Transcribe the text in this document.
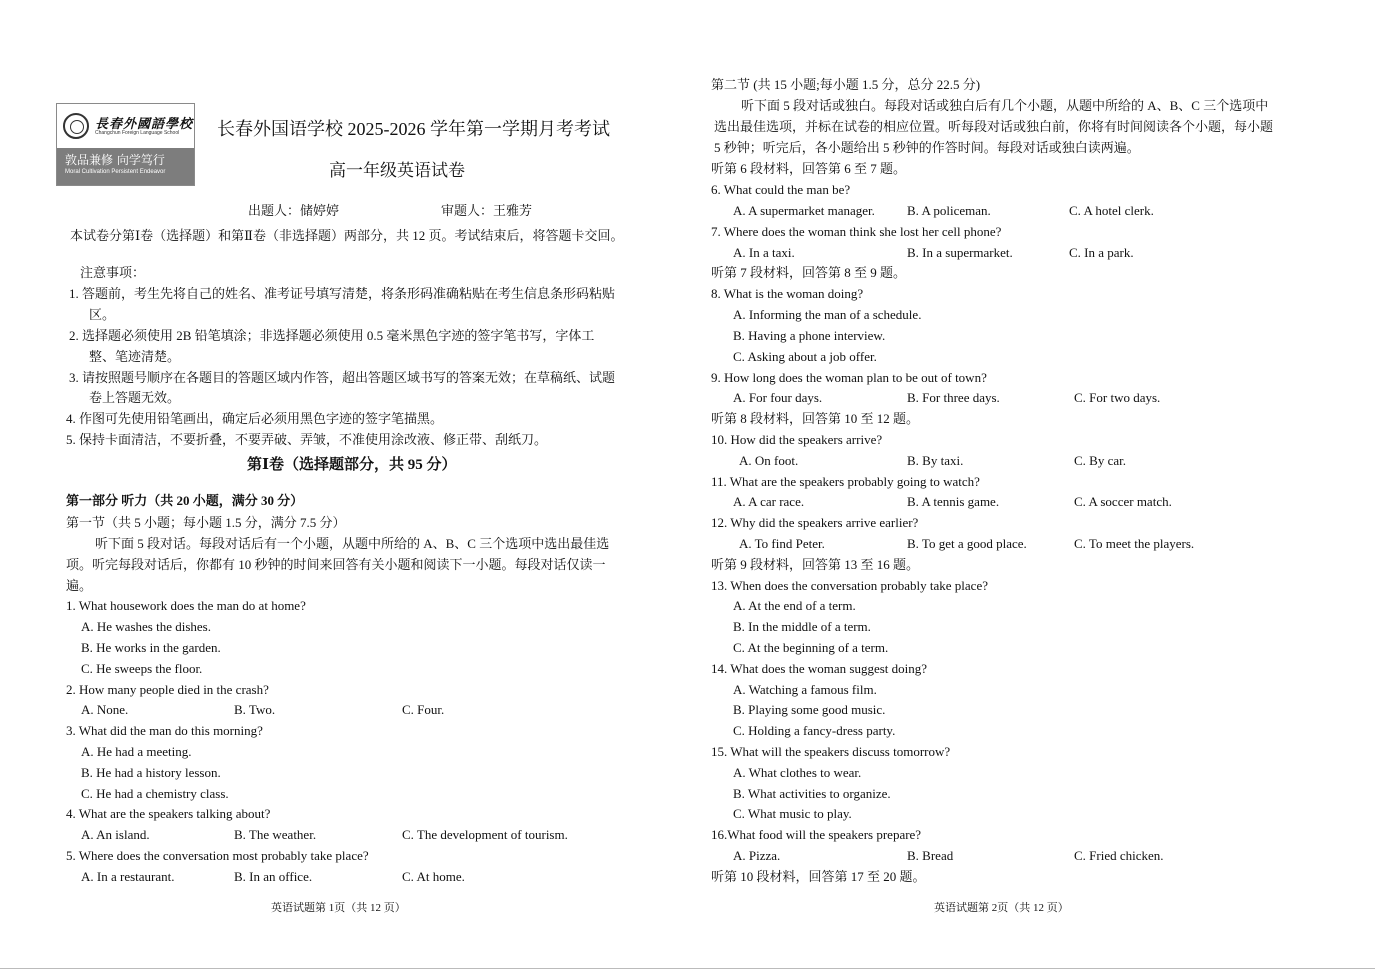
長春外國語學校
Changchun Foreign Language School
敦品兼修 向学笃行
Moral Cultivation Persistent Endeavor
长春外国语学校 2025-2026 学年第一学期月考考试
高一年级英语试卷
出题人：储婷婷	审题人：王雅芳
本试卷分第Ⅰ卷（选择题）和第Ⅱ卷（非选择题）两部分，共 12 页。考试结束后，将答题卡交回。
注意事项：
1. 答题前，考生先将自己的姓名、准考证号填写清楚，将条形码准确粘贴在考生信息条形码粘贴
区。
2. 选择题必须使用 2B 铅笔填涂；非选择题必须使用 0.5 毫米黑色字迹的签字笔书写，字体工
整、笔迹清楚。
3. 请按照题号顺序在各题目的答题区域内作答，超出答题区域书写的答案无效；在草稿纸、试题
卷上答题无效。
4. 作图可先使用铅笔画出，确定后必须用黑色字迹的签字笔描黑。
5. 保持卡面清洁，不要折叠，不要弄破、弄皱，不准使用涂改液、修正带、刮纸刀。
第Ⅰ卷（选择题部分，共 95 分）
第一部分 听力（共 20 小题，满分 30 分）
第一节（共 5 小题；每小题 1.5 分，满分 7.5 分）
听下面 5 段对话。每段对话后有一个小题，从题中所给的 A、B、C 三个选项中选出最佳选
项。听完每段对话后，你都有 10 秒钟的时间来回答有关小题和阅读下一小题。每段对话仅读一
遍。
1. What housework does the man do at home?
A. He washes the dishes.
B. He works in the garden.
C. He sweeps the floor.
2. How many people died in the crash?
A. None.	B. Two.	C. Four.
3. What did the man do this morning?
A. He had a meeting.
B. He had a history lesson.
C. He had a chemistry class.
4. What are the speakers talking about?
A. An island.	B. The weather.	C. The development of tourism.
5. Where does the conversation most probably take place?
A. In a restaurant.	B. In an office.	C. At home.
英语试题第 1页（共 12 页）
第二节 (共 15 小题;每小题 1.5 分，总分 22.5 分)
听下面 5 段对话或独白。每段对话或独白后有几个小题，从题中所给的 A、B、C 三个选项中
选出最佳选项，并标在试卷的相应位置。听每段对话或独白前，你将有时间阅读各个小题，每小题
5 秒钟；听完后，各小题给出 5 秒钟的作答时间。每段对话或独白读两遍。
听第 6 段材料，回答第 6 至 7 题。
6. What could the man be?
A. A supermarket manager. B. A policeman.	C. A hotel clerk.
7. Where does the woman think she lost her cell phone?
A. In a taxi.	B. In a supermarket.	C. In a park.
听第 7 段材料，回答第 8 至 9 题。
8. What is the woman doing?
A. Informing the man of a schedule.
B. Having a phone interview.
C. Asking about a job offer.
9. How long does the woman plan to be out of town?
A. For four days.	B. For three days.	C. For two days.
听第 8 段材料，回答第 10 至 12 题。
10. How did the speakers arrive?
A. On foot.	B. By taxi.	C. By car.
11. What are the speakers probably going to watch?
A. A car race.	B. A tennis game.	C. A soccer match.
12. Why did the speakers arrive earlier?
A. To find Peter.	B. To get a good place.	C. To meet the players.
听第 9 段材料，回答第 13 至 16 题。
13. When does the conversation probably take place?
A. At the end of a term.
B. In the middle of a term.
C. At the beginning of a term.
14. What does the woman suggest doing?
A. Watching a famous film.
B. Playing some good music.
C. Holding a fancy-dress party.
15. What will the speakers discuss tomorrow?
A. What clothes to wear.
B. What activities to organize.
C. What music to play.
16.What food will the speakers prepare?
A. Pizza.	B. Bread	C. Fried chicken.
听第 10 段材料，回答第 17 至 20 题。
英语试题第 2页（共 12 页）
